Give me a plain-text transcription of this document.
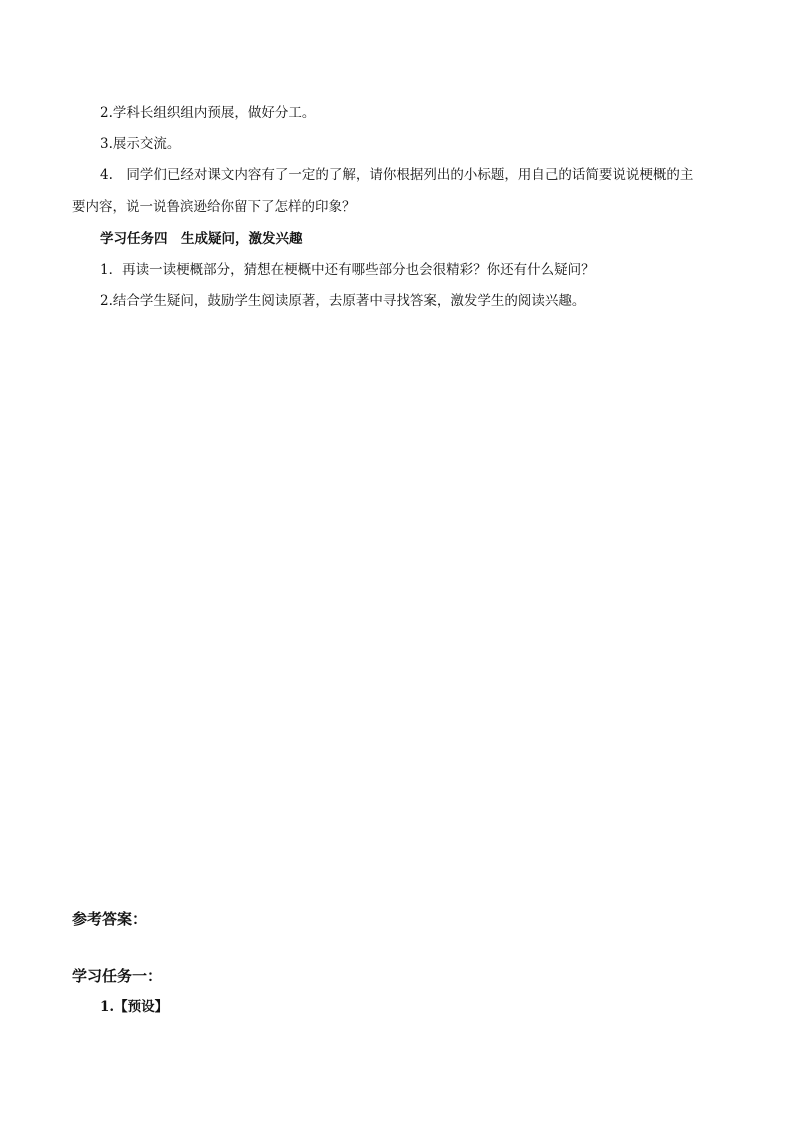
2.学科长组织组内预展，做好分工。
3.展示交流。
4.　同学们已经对课文内容有了一定的了解，请你根据列出的小标题，用自己的话简要说说梗概的主
要内容，说一说鲁滨逊给你留下了怎样的印象？
学习任务四　生成疑问，激发兴趣
1．再读一读梗概部分，猜想在梗概中还有哪些部分也会很精彩？你还有什么疑问？
2.结合学生疑问，鼓励学生阅读原著，去原著中寻找答案，激发学生的阅读兴趣。
参考答案：
学习任务一：
1.【预设】
